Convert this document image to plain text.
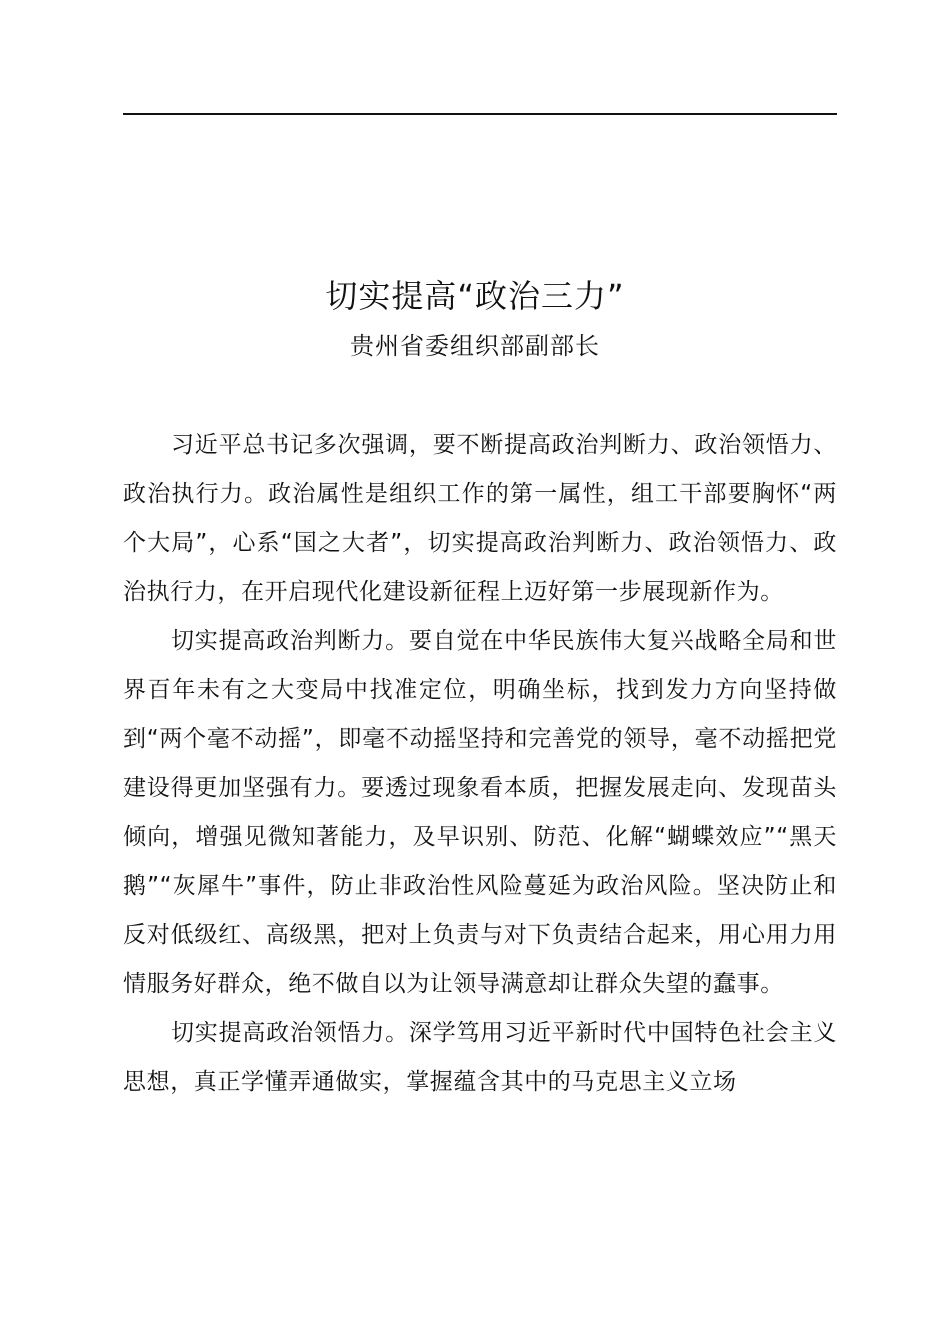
切实提高“政治三力”
贵州省委组织部副部长

习近平总书记多次强调，要不断提高政治判断力、政治领悟力、政治执行力。政治属性是组织工作的第一属性，组工干部要胸怀“两个大局”，心系“国之大者”，切实提高政治判断力、政治领悟力、政治执行力，在开启现代化建设新征程上迈好第一步展现新作为。

切实提高政治判断力。要自觉在中华民族伟大复兴战略全局和世界百年未有之大变局中找准定位，明确坐标，找到发力方向坚持做到“两个毫不动摇”，即毫不动摇坚持和完善党的领导，毫不动摇把党建设得更加坚强有力。要透过现象看本质，把握发展走向、发现苗头倾向，增强见微知著能力，及早识别、防范、化解“蝴蝶效应”“黑天鹅”“灰犀牛”事件，防止非政治性风险蔓延为政治风险。坚决防止和反对低级红、高级黑，把对上负责与对下负责结合起来，用心用力用情服务好群众，绝不做自以为让领导满意却让群众失望的蠢事。

切实提高政治领悟力。深学笃用习近平新时代中国特色社会主义思想，真正学懂弄通做实，掌握蕴含其中的马克思主义立场
